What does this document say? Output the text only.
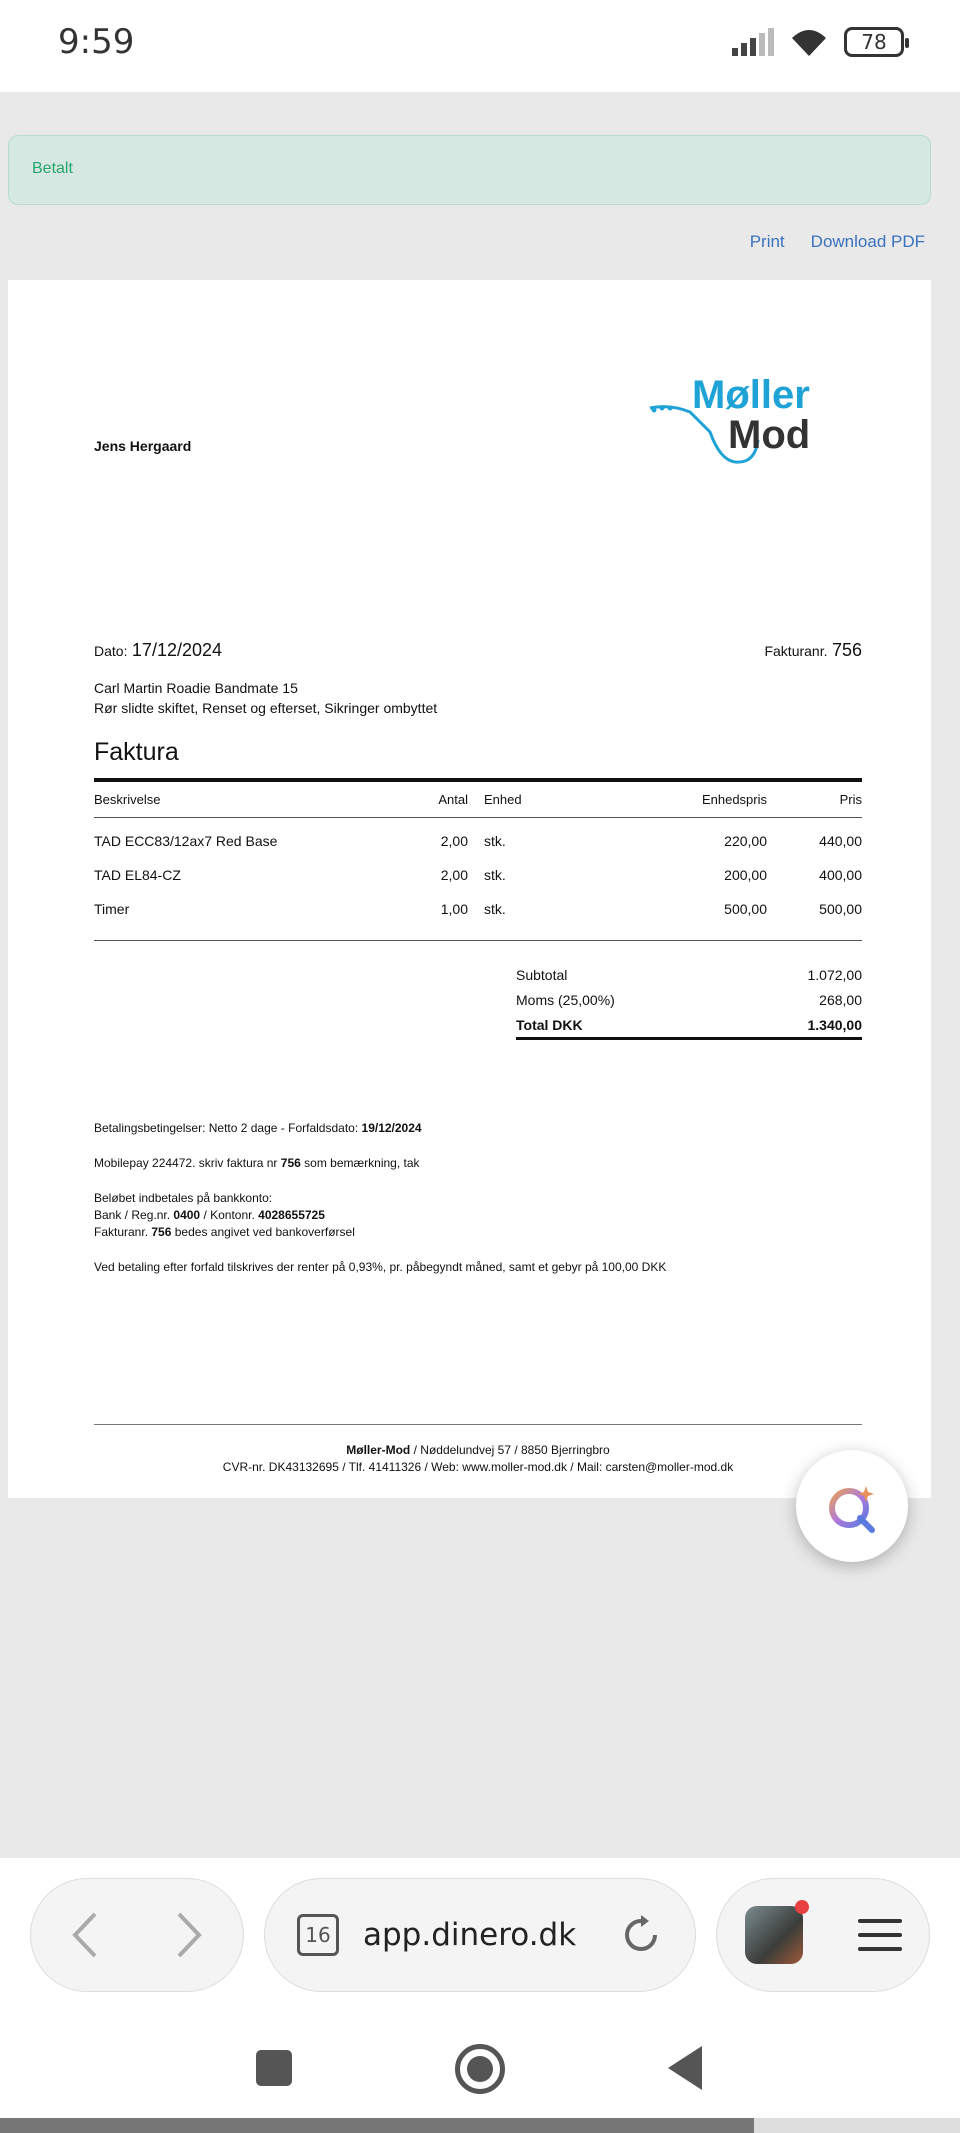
9:59	78
Betalt
Print Download PDF
Jens Hergaard
Møller
Mod
Dato: 17/12/2024	Fakturanr. 756
Carl Martin Roadie Bandmate 15
Rør slidte skiftet, Renset og efterset, Sikringer ombyttet
Faktura
Beskrivelse	Antal	Enhed	Enhedspris	Pris
TAD ECC83/12ax7 Red Base	2,00	stk.	220,00	440,00
TAD EL84-CZ	2,00	stk.	200,00	400,00
Timer	1,00	stk.	500,00	500,00
Subtotal	1.072,00
Moms (25,00%)	268,00
Total DKK	1.340,00

Betalingsbetingelser: Netto 2 dage - Forfaldsdato: 19/12/2024

Mobilepay 224472. skriv faktura nr 756 som bemærkning, tak

Beløbet indbetales på bankkonto:
Bank / Reg.nr. 0400 / Kontonr. 4028655725
Fakturanr. 756 bedes angivet ved bankoverførsel

Ved betaling efter forfald tilskrives der renter på 0,93%, pr. påbegyndt måned, samt et gebyr på 100,00 DKK

Møller-Mod / Nøddelundvej 57 / 8850 Bjerringbro
CVR-nr. DK43132695 / Tlf. 41411326 / Web: www.moller-mod.dk / Mail: carsten@moller-mod.dk
16 app.dinero.dk
